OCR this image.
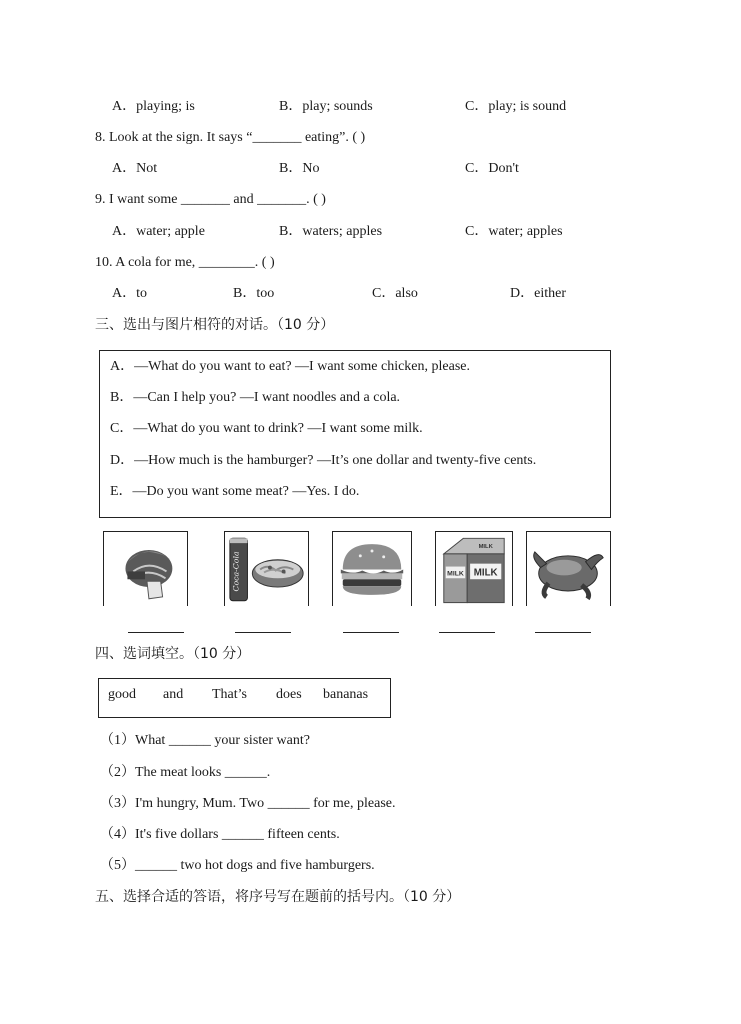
A．playing; is	B．play; sounds	C．play; is sound
8. Look at the sign. It says “_______ eating”. ( )
A．Not	B．No	C．Don't
9. I want some _______ and _______. ( )
A．water; apple	B．waters; apples	C．water; apples
10. A cola for me, ________. ( )
A．to	B．too	C．also	D．either
三、选出与图片相符的对话。（10 分）
A．—What do you want to eat? —I want some chicken, please.
B．—Can I help you? —I want noodles and a cola.
C．—What do you want to drink? —I want some milk.
D．—How much is the hamburger? —It’s one dollar and twenty-five cents.
E．—Do you want some meat? —Yes. I do.
Coca-Cola	MILK
MILK
MILK
四、选词填空。（10 分）
good and That’s does bananas
（1）What ______ your sister want?
（2）The meat looks ______.
（3）I'm hungry, Mum. Two ______ for me, please.
（4）It's five dollars ______ fifteen cents.
（5）______ two hot dogs and five hamburgers.
五、选择合适的答语，将序号写在题前的括号内。（10 分）
